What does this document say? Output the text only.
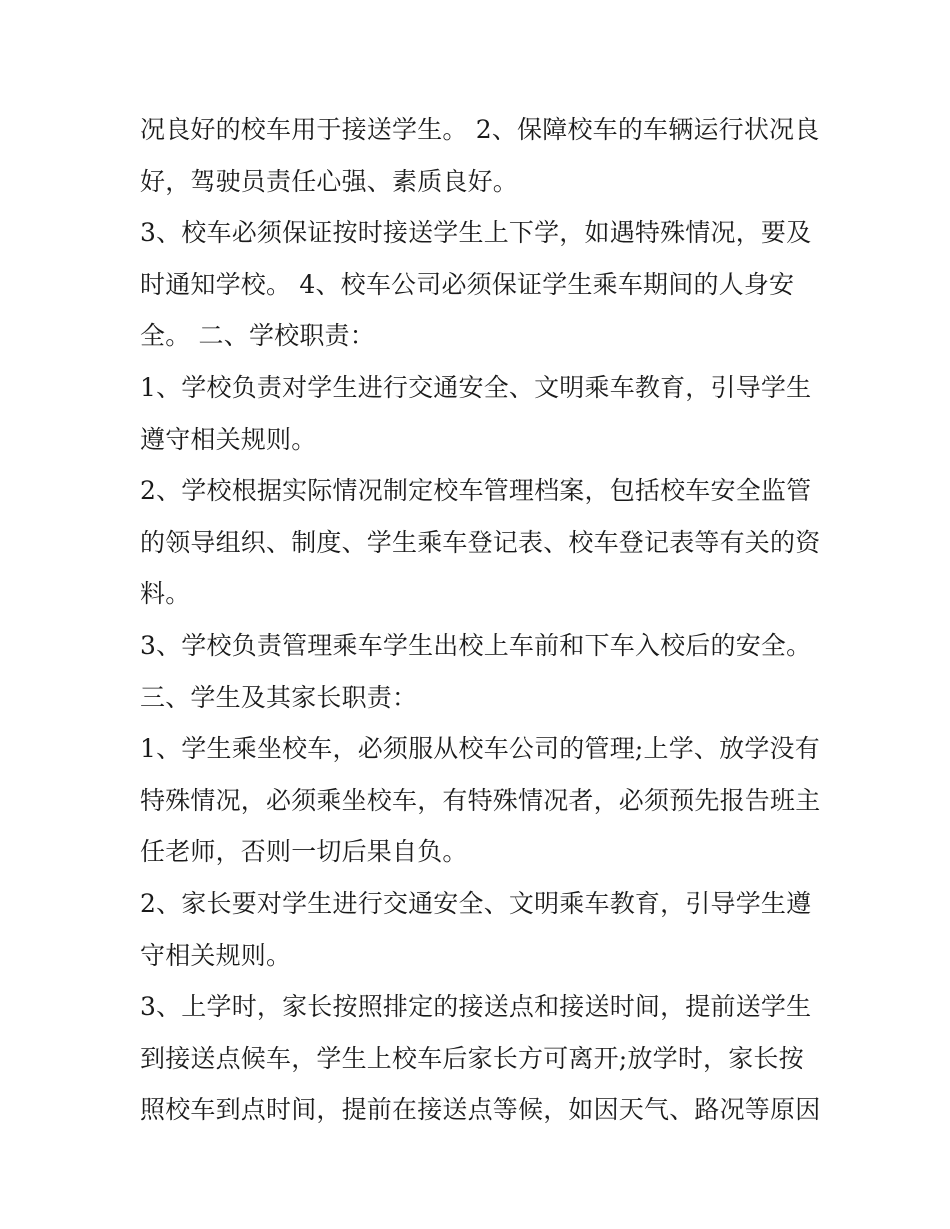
况良好的校车用于接送学生。 2、保障校车的车辆运行状况良
好，驾驶员责任心强、素质良好。
3、校车必须保证按时接送学生上下学，如遇特殊情况，要及
时通知学校。 4、校车公司必须保证学生乘车期间的人身安
全。 二、学校职责：
1、学校负责对学生进行交通安全、文明乘车教育，引导学生
遵守相关规则。
2、学校根据实际情况制定校车管理档案，包括校车安全监管
的领导组织、制度、学生乘车登记表、校车登记表等有关的资
料。
3、学校负责管理乘车学生出校上车前和下车入校后的安全。
三、学生及其家长职责：
1、学生乘坐校车，必须服从校车公司的管理;上学、放学没有
特殊情况，必须乘坐校车，有特殊情况者，必须预先报告班主
任老师，否则一切后果自负。
2、家长要对学生进行交通安全、文明乘车教育，引导学生遵
守相关规则。
3、上学时，家长按照排定的接送点和接送时间，提前送学生
到接送点候车，学生上校车后家长方可离开;放学时，家长按
照校车到点时间，提前在接送点等候，如因天气、路况等原因
